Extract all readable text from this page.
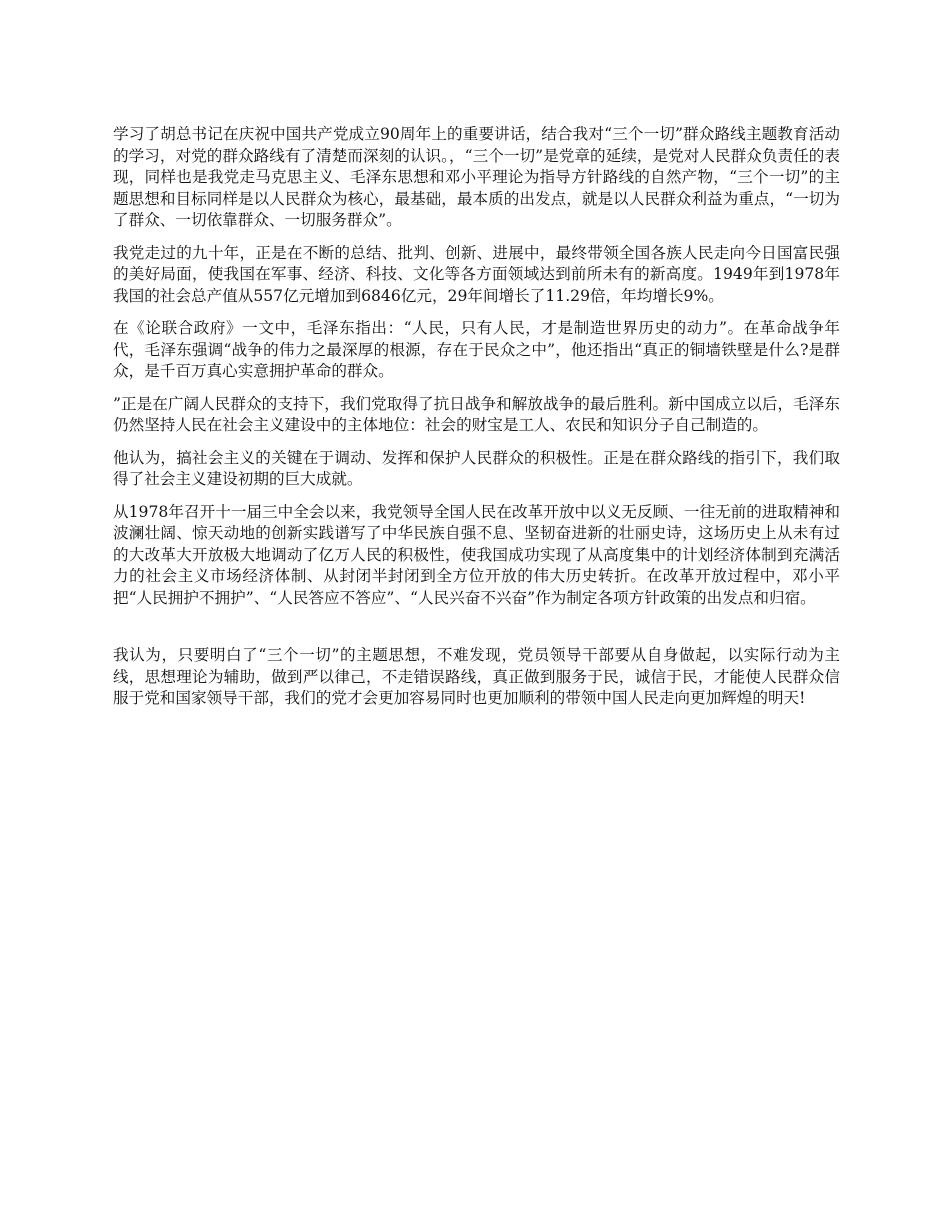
学习了胡总书记在庆祝中国共产党成立90周年上的重要讲话，结合我对“三个一切”群众路线主题教育活动的学习，对党的群众路线有了清楚而深刻的认识。，“三个一切”是党章的延续，是党对人民群众负责任的表现，同样也是我党走马克思主义、毛泽东思想和邓小平理论为指导方针路线的自然产物，“三个一切”的主题思想和目标同样是以人民群众为核心，最基础，最本质的出发点，就是以人民群众利益为重点，“一切为了群众、一切依靠群众、一切服务群众”。

我党走过的九十年，正是在不断的总结、批判、创新、进展中，最终带领全国各族人民走向今日国富民强的美好局面，使我国在军事、经济、科技、文化等各方面领域达到前所未有的新高度。1949年到1978年我国的社会总产值从557亿元增加到6846亿元，29年间增长了11.29倍，年均增长9%。

在《论联合政府》一文中，毛泽东指出：“人民，只有人民，才是制造世界历史的动力”。在革命战争年代，毛泽东强调“战争的伟力之最深厚的根源，存在于民众之中”，他还指出“真正的铜墙铁壁是什么?是群众，是千百万真心实意拥护革命的群众。

”正是在广阔人民群众的支持下，我们党取得了抗日战争和解放战争的最后胜利。新中国成立以后，毛泽东仍然坚持人民在社会主义建设中的主体地位：社会的财宝是工人、农民和知识分子自己制造的。

他认为，搞社会主义的关键在于调动、发挥和保护人民群众的积极性。正是在群众路线的指引下，我们取得了社会主义建设初期的巨大成就。

从1978年召开十一届三中全会以来，我党领导全国人民在改革开放中以义无反顾、一往无前的进取精神和波澜壮阔、惊天动地的创新实践谱写了中华民族自强不息、坚韧奋进新的壮丽史诗，这场历史上从未有过的大改革大开放极大地调动了亿万人民的积极性，使我国成功实现了从高度集中的计划经济体制到充满活力的社会主义市场经济体制、从封闭半封闭到全方位开放的伟大历史转折。在改革开放过程中，邓小平把“人民拥护不拥护”、“人民答应不答应”、“人民兴奋不兴奋”作为制定各项方针政策的出发点和归宿。

我认为，只要明白了“三个一切”的主题思想，不难发现，党员领导干部要从自身做起，以实际行动为主线，思想理论为辅助，做到严以律己，不走错误路线，真正做到服务于民，诚信于民，才能使人民群众信服于党和国家领导干部，我们的党才会更加容易同时也更加顺利的带领中国人民走向更加辉煌的明天!
